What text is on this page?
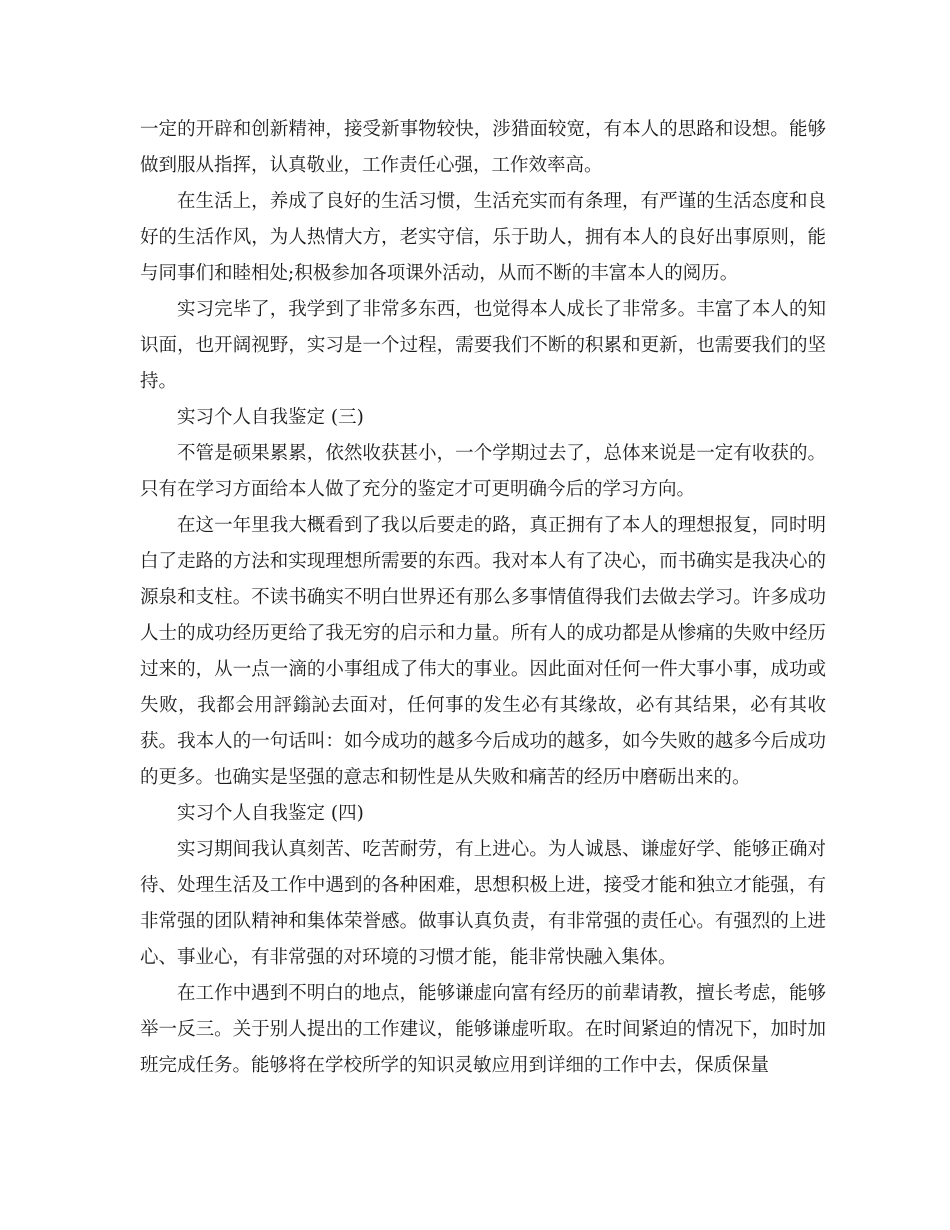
一定的开辟和创新精神，接受新事物较快，涉猎面较宽，有本人的思路和设想。能够做到服从指挥，认真敬业，工作责任心强，工作效率高。

在生活上，养成了良好的生活习惯，生活充实而有条理，有严谨的生活态度和良好的生活作风，为人热情大方，老实守信，乐于助人，拥有本人的良好出事原则，能与同事们和睦相处;积极参加各项课外活动，从而不断的丰富本人的阅历。

实习完毕了，我学到了非常多东西，也觉得本人成长了非常多。丰富了本人的知识面，也开阔视野，实习是一个过程，需要我们不断的积累和更新，也需要我们的坚持。

实习个人自我鉴定 (三)

不管是硕果累累，依然收获甚小，一个学期过去了，总体来说是一定有收获的。只有在学习方面给本人做了充分的鉴定才可更明确今后的学习方向。

在这一年里我大概看到了我以后要走的路，真正拥有了本人的理想报复，同时明白了走路的方法和实现理想所需要的东西。我对本人有了决心，而书确实是我决心的源泉和支柱。不读书确实不明白世界还有那么多事情值得我们去做去学习。许多成功人士的成功经历更给了我无穷的启示和力量。所有人的成功都是从惨痛的失败中经历过来的，从一点一滴的小事组成了伟大的事业。因此面对任何一件大事小事，成功或失败，我都会用評鎓訫去面对，任何事的发生必有其缘故，必有其结果，必有其收获。我本人的一句话叫：如今成功的越多今后成功的越多，如今失败的越多今后成功的更多。也确实是坚强的意志和韧性是从失败和痛苦的经历中磨砺出来的。

实习个人自我鉴定 (四)

实习期间我认真刻苦、吃苦耐劳，有上进心。为人诚恳、谦虚好学、能够正确对待、处理生活及工作中遇到的各种困难，思想积极上进，接受才能和独立才能强，有非常强的团队精神和集体荣誉感。做事认真负责，有非常强的责任心。有强烈的上进心、事业心，有非常强的对环境的习惯才能，能非常快融入集体。

在工作中遇到不明白的地点，能够谦虚向富有经历的前辈请教，擅长考虑，能够举一反三。关于别人提出的工作建议，能够谦虚听取。在时间紧迫的情况下，加时加班完成任务。能够将在学校所学的知识灵敏应用到详细的工作中去，保质保量
